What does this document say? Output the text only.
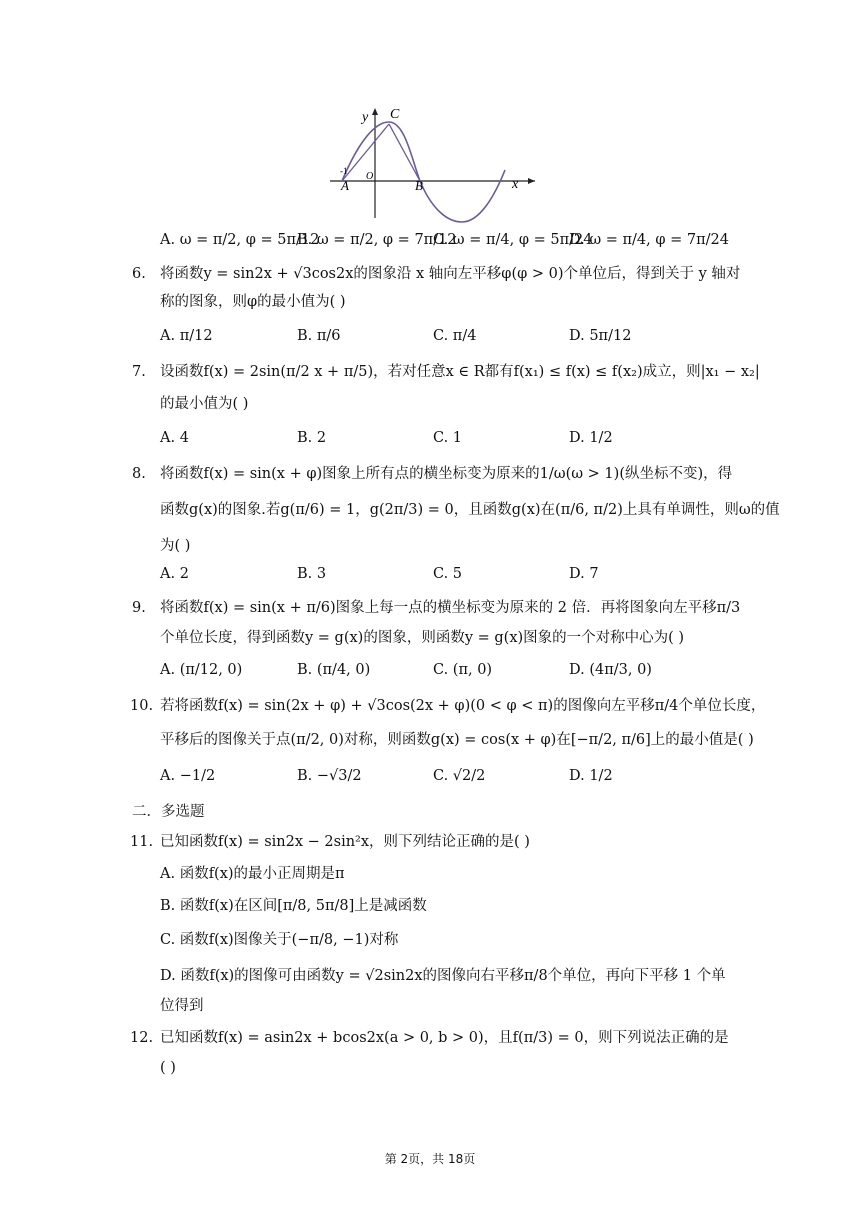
y C
-1 O
A	B	x
A. ω = π/2, φ = 5π/12
B. ω = π/2, φ = 7π/12
C. ω = π/4, φ = 5π/24
D. ω = π/4, φ = 7π/24
6. 将函数y = sin2x + √3cos2x的图象沿 x 轴向左平移φ(φ > 0)个单位后，得到关于 y 轴对
称的图象，则φ的最小值为( )
A. π/12	B. π/6	C. π/4	D. 5π/12
7. 设函数f(x) = 2sin(π/2 x + π/5)，若对任意x ∈ R都有f(x₁) ≤ f(x) ≤ f(x₂)成立，则|x₁ − x₂|
的最小值为( )
A. 4	B. 2	C. 1	D. 1/2
8. 将函数f(x) = sin(x + φ)图象上所有点的横坐标变为原来的1/ω(ω > 1)(纵坐标不变)，得
函数g(x)的图象.若g(π/6) = 1，g(2π/3) = 0，且函数g(x)在(π/6, π/2)上具有单调性，则ω的值
为( )
A. 2	B. 3	C. 5	D. 7
9. 将函数f(x) = sin(x + π/6)图象上每一点的横坐标变为原来的 2 倍．再将图象向左平移π/3
个单位长度，得到函数y = g(x)的图象，则函数y = g(x)图象的一个对称中心为( )
A. (π/12, 0)	B. (π/4, 0)	C. (π, 0)	D. (4π/3, 0)
10. 若将函数f(x) = sin(2x + φ) + √3cos(2x + φ)(0 < φ < π)的图像向左平移π/4个单位长度，
平移后的图像关于点(π/2, 0)对称，则函数g(x) = cos(x + φ)在[−π/2, π/6]上的最小值是( )
A. −1/2	B. −√3/2	C. √2/2	D. 1/2
二．多选题
11. 已知函数f(x) = sin2x − 2sin²x，则下列结论正确的是( )
A. 函数f(x)的最小正周期是π
B. 函数f(x)在区间[π/8, 5π/8]上是减函数
C. 函数f(x)图像关于(−π/8, −1)对称
D. 函数f(x)的图像可由函数y = √2sin2x的图像向右平移π/8个单位，再向下平移 1 个单
位得到
12. 已知函数f(x) = asin2x + bcos2x(a > 0, b > 0)，且f(π/3) = 0，则下列说法正确的是
( )
第 2页，共 18页
